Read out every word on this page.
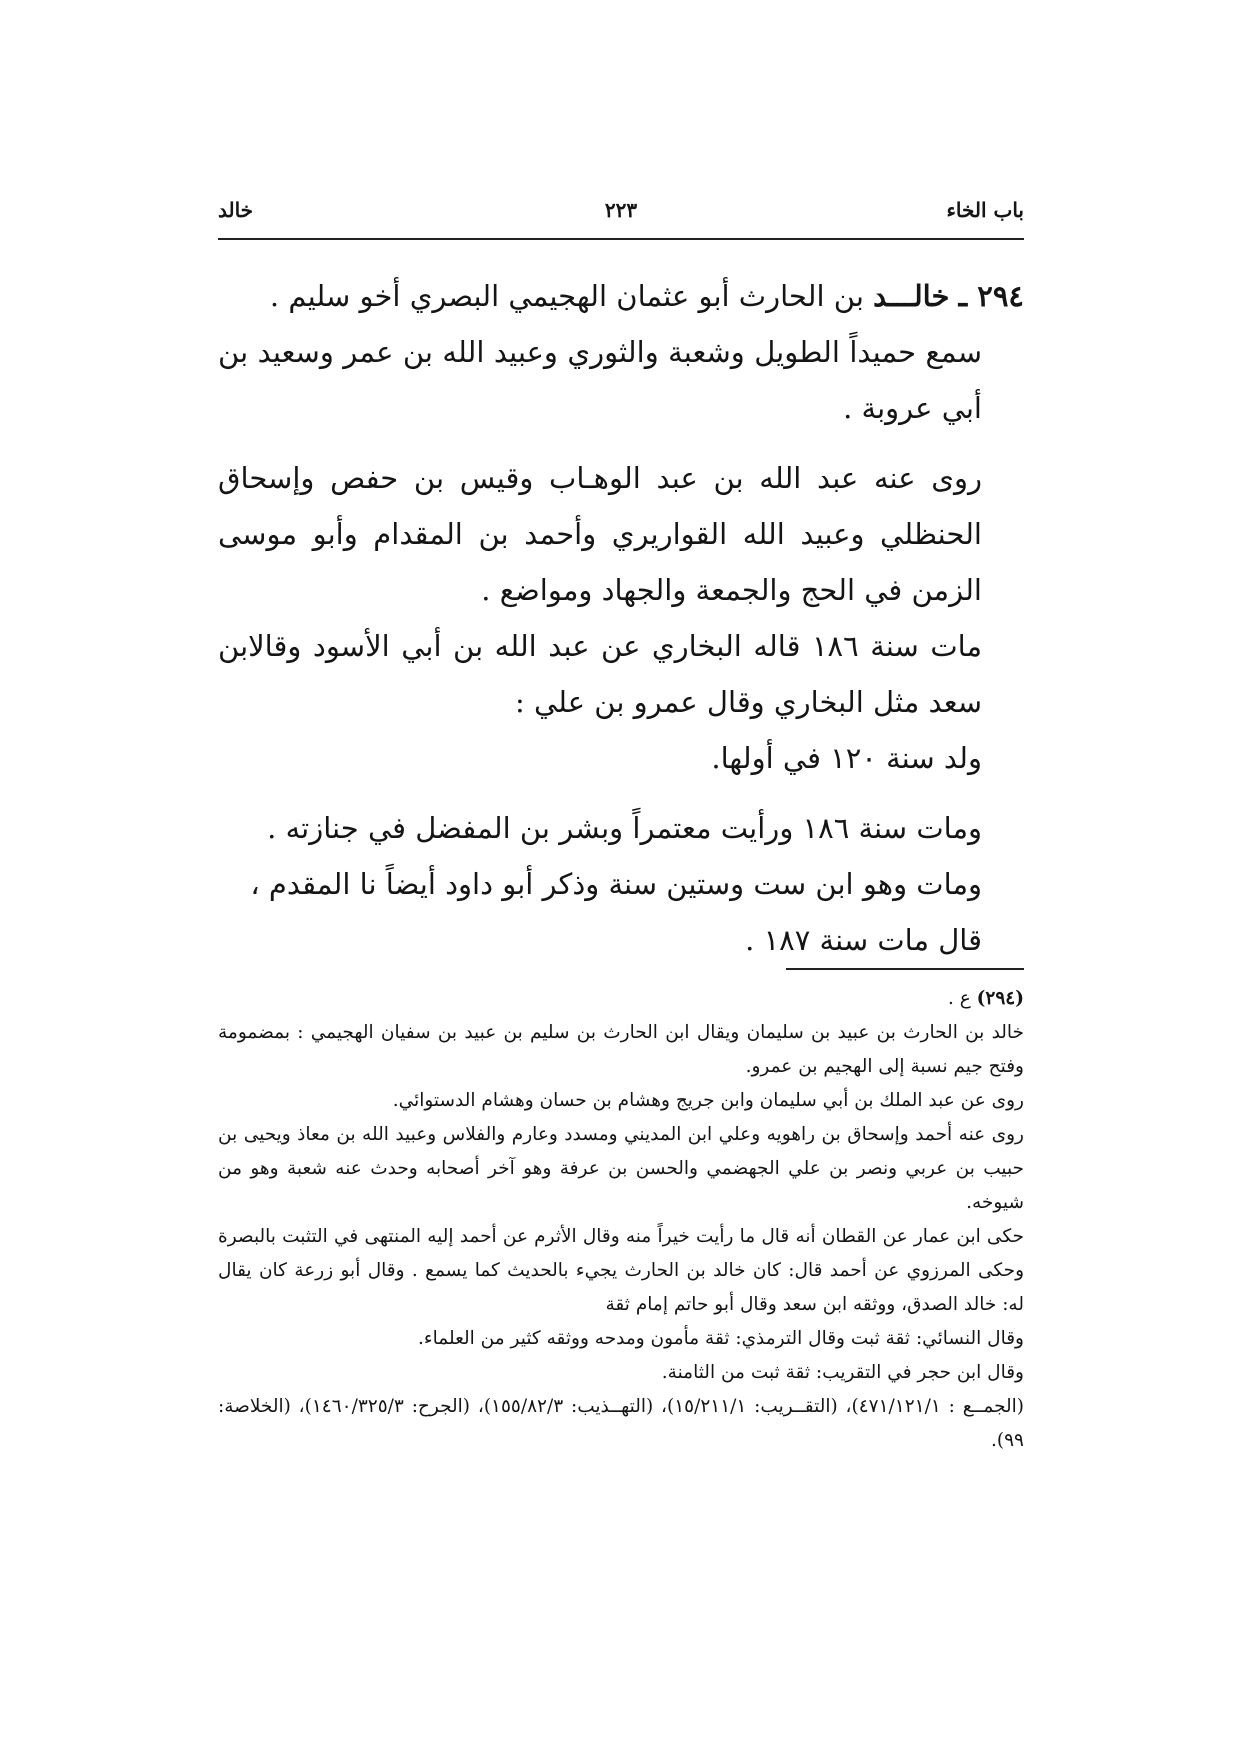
باب الخاء
٢٢٣
خالد

٢٩٤ ـ خالـــد بن الحارث أبو عثمان الهجيمي البصري أخو سليم .

سمع حميداً الطويل وشعبة والثوري وعبيد الله بن عمر وسعيد بن أبي عروبة .

روى عنه عبد الله بن عبد الوهـاب وقيس بن حفص وإسحاق الحنظلي وعبيد الله القواريري وأحمد بن المقدام وأبو موسى الزمن في الحج والجمعة والجهاد ومواضع .

مات سنة ١٨٦ قاله البخاري عن عبد الله بن أبي الأسود وقالابن سعد مثل البخاري وقال عمرو بن علي :

ولد سنة ١٢٠ في أولها.

ومات سنة ١٨٦ ورأيت معتمراً وبشر بن المفضل في جنازته .

ومات وهو ابن ست وستين سنة وذكر أبو داود أيضاً نا المقدم ،

قال مات سنة ١٨٧ .

(٢٩٤) ع .

خالد بن الحارث بن عبيد بن سليمان ويقال ابن الحارث بن سليم بن عبيد بن سفيان الهجيمي : بمضمومة وفتح جيم نسبة إلى الهجيم بن عمرو.

روى عن عبد الملك بن أبي سليمان وابن جريج وهشام بن حسان وهشام الدستوائي.

روى عنه أحمد وإسحاق بن راهويه وعلي ابن المديني ومسدد وعارم والفلاس وعبيد الله بن معاذ ويحيى بن حبيب بن عربي ونصر بن علي الجهضمي والحسن بن عرفة وهو آخر أصحابه وحدث عنه شعبة وهو من شيوخه.

حكى ابن عمار عن القطان أنه قال ما رأيت خيراً منه وقال الأثرم عن أحمد إليه المنتهى في التثبت بالبصرة وحكى المرزوي عن أحمد قال: كان خالد بن الحارث يجيء بالحديث كما يسمع . وقال أبو زرعة كان يقال له: خالد الصدق، ووثقه ابن سعد وقال أبو حاتم إمام ثقة

وقال النسائي: ثقة ثبت وقال الترمذي: ثقة مأمون ومدحه ووثقه كثير من العلماء.

وقال ابن حجر في التقريب: ثقة ثبت من الثامنة.

(الجمــع : ٤٧١/١٢١/١)، (التقــريب: ١٥/٢١١/١)، (التهــذيب: ١٥٥/٨٢/٣)، (الجرح: ١٤٦٠/٣٢٥/٣)، (الخلاصة: ٩٩).
